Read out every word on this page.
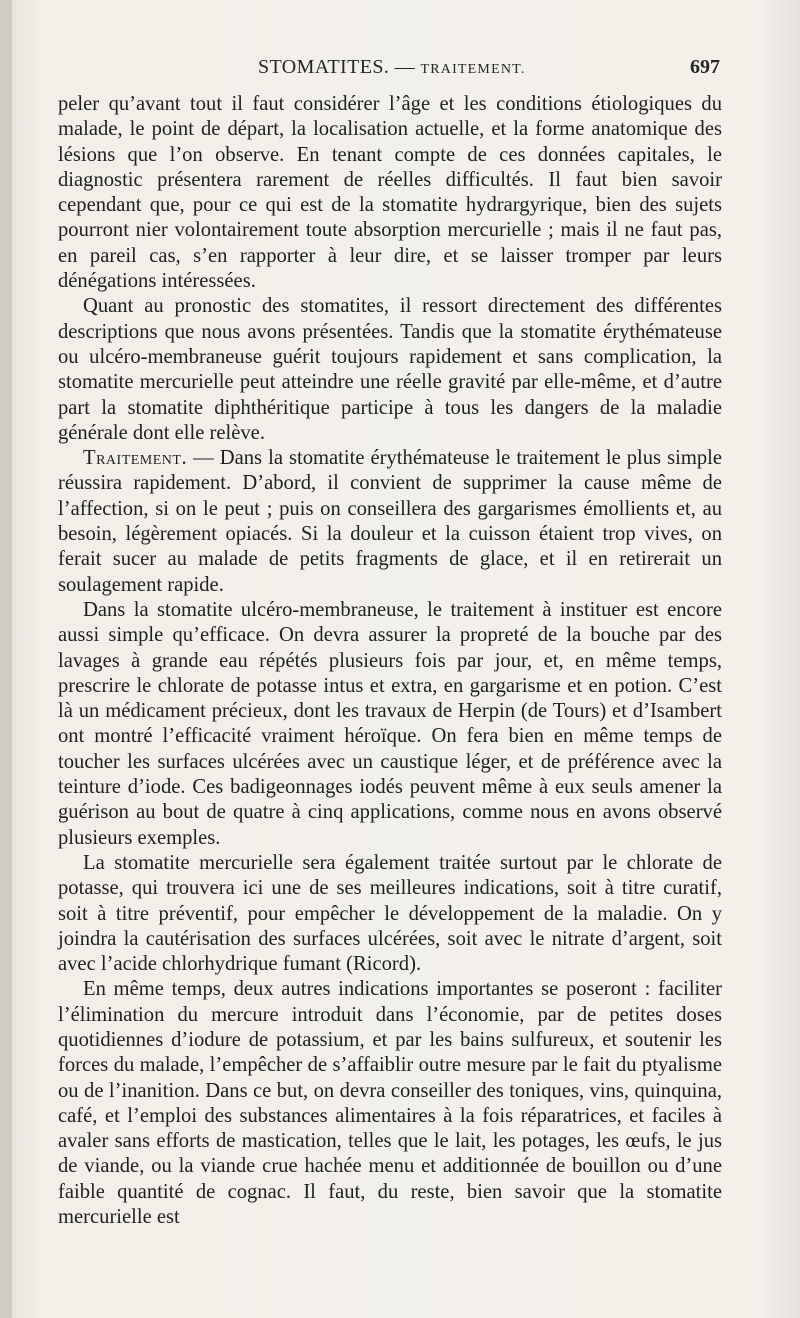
STOMATITES. — TRAITEMENT.	697

peler qu’avant tout il faut considérer l’âge et les conditions étiologiques du malade, le point de départ, la localisation actuelle, et la forme anatomique des lésions que l’on observe. En tenant compte de ces données capitales, le diagnostic présentera rarement de réelles difficultés. Il faut bien savoir cependant que, pour ce qui est de la stomatite hydrargyrique, bien des sujets pourront nier volontairement toute absorption mercurielle ; mais il ne faut pas, en pareil cas, s’en rapporter à leur dire, et se laisser tromper par leurs dénégations intéressées.

Quant au pronostic des stomatites, il ressort directement des différentes descriptions que nous avons présentées. Tandis que la stomatite érythémateuse ou ulcéro-membraneuse guérit toujours rapidement et sans complication, la stomatite mercurielle peut atteindre une réelle gravité par elle-même, et d’autre part la stomatite diphthéritique participe à tous les dangers de la maladie générale dont elle relève.

Traitement. — Dans la stomatite érythémateuse le traitement le plus simple réussira rapidement. D’abord, il convient de supprimer la cause même de l’affection, si on le peut ; puis on conseillera des gargarismes émollients et, au besoin, légèrement opiacés. Si la douleur et la cuisson étaient trop vives, on ferait sucer au malade de petits fragments de glace, et il en retirerait un soulagement rapide.

Dans la stomatite ulcéro-membraneuse, le traitement à instituer est encore aussi simple qu’efficace. On devra assurer la propreté de la bouche par des lavages à grande eau répétés plusieurs fois par jour, et, en même temps, prescrire le chlorate de potasse intus et extra, en gargarisme et en potion. C’est là un médicament précieux, dont les travaux de Herpin (de Tours) et d’Isambert ont montré l’efficacité vraiment héroïque. On fera bien en même temps de toucher les surfaces ulcérées avec un caustique léger, et de préférence avec la teinture d’iode. Ces badigeonnages iodés peuvent même à eux seuls amener la guérison au bout de quatre à cinq applications, comme nous en avons observé plusieurs exemples.

La stomatite mercurielle sera également traitée surtout par le chlorate de potasse, qui trouvera ici une de ses meilleures indications, soit à titre curatif, soit à titre préventif, pour empêcher le développement de la maladie. On y joindra la cautérisation des surfaces ulcérées, soit avec le nitrate d’argent, soit avec l’acide chlorhydrique fumant (Ricord).

En même temps, deux autres indications importantes se poseront : faciliter l’élimination du mercure introduit dans l’économie, par de petites doses quotidiennes d’iodure de potassium, et par les bains sulfureux, et soutenir les forces du malade, l’empêcher de s’affaiblir outre mesure par le fait du ptyalisme ou de l’inanition. Dans ce but, on devra conseiller des toniques, vins, quinquina, café, et l’emploi des substances alimentaires à la fois réparatrices, et faciles à avaler sans efforts de mastication, telles que le lait, les potages, les œufs, le jus de viande, ou la viande crue hachée menu et additionnée de bouillon ou d’une faible quantité de cognac. Il faut, du reste, bien savoir que la stomatite mercurielle est
